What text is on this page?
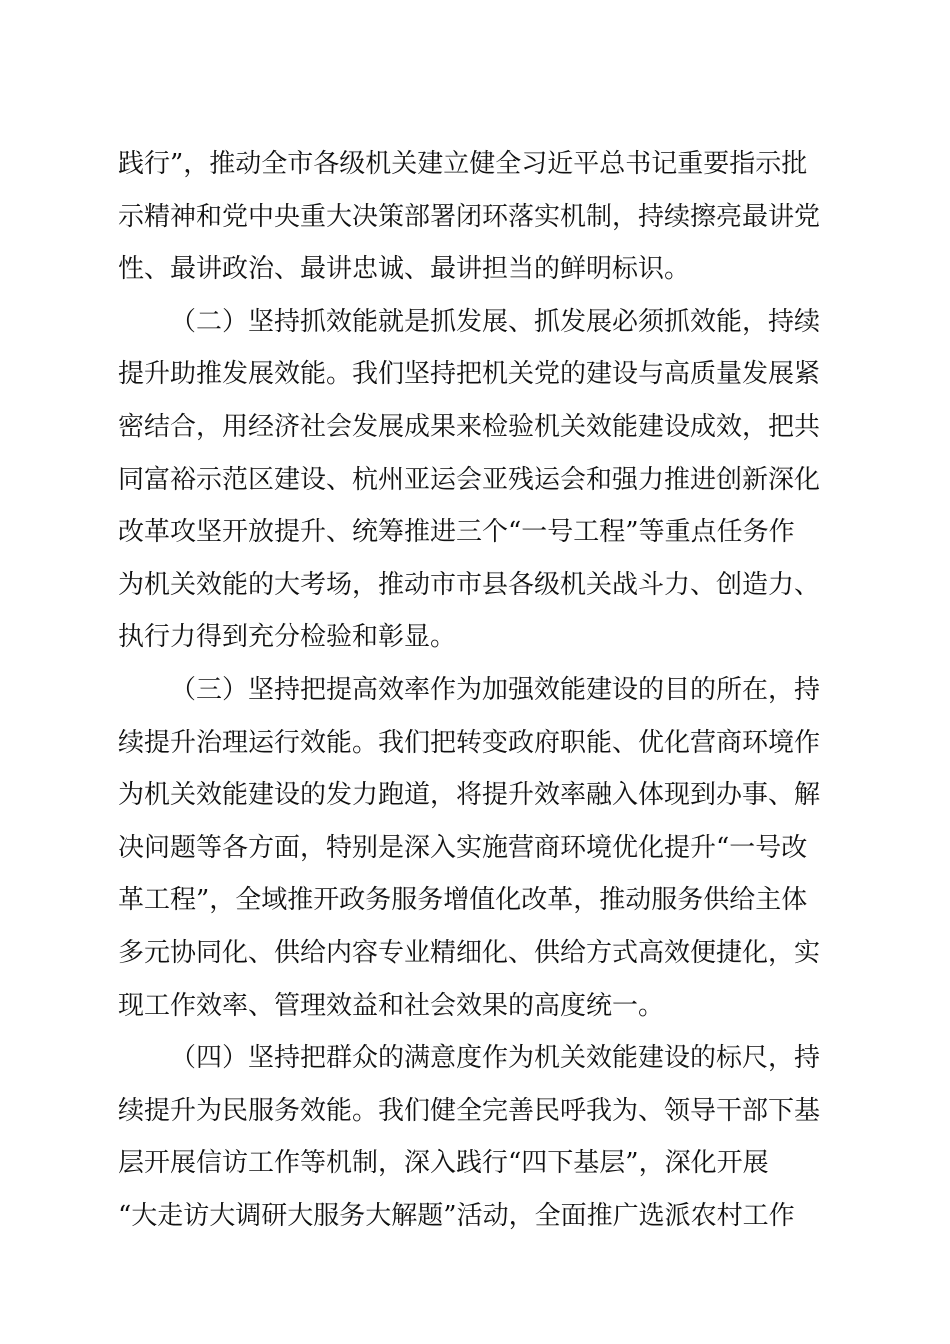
践行”，推动全市各级机关建立健全习近平总书记重要指示批
示精神和党中央重大决策部署闭环落实机制，持续擦亮最讲党
性、最讲政治、最讲忠诚、最讲担当的鲜明标识。
（二）坚持抓效能就是抓发展、抓发展必须抓效能，持续
提升助推发展效能。我们坚持把机关党的建设与高质量发展紧
密结合，用经济社会发展成果来检验机关效能建设成效，把共
同富裕示范区建设、杭州亚运会亚残运会和强力推进创新深化
改革攻坚开放提升、统筹推进三个“一号工程”等重点任务作
为机关效能的大考场，推动市市县各级机关战斗力、创造力、
执行力得到充分检验和彰显。
（三）坚持把提高效率作为加强效能建设的目的所在，持
续提升治理运行效能。我们把转变政府职能、优化营商环境作
为机关效能建设的发力跑道，将提升效率融入体现到办事、解
决问题等各方面，特别是深入实施营商环境优化提升“一号改
革工程”，全域推开政务服务增值化改革，推动服务供给主体
多元协同化、供给内容专业精细化、供给方式高效便捷化，实
现工作效率、管理效益和社会效果的高度统一。
（四）坚持把群众的满意度作为机关效能建设的标尺，持
续提升为民服务效能。我们健全完善民呼我为、领导干部下基
层开展信访工作等机制，深入践行“四下基层”，深化开展
“大走访大调研大服务大解题”活动，全面推广选派农村工作
